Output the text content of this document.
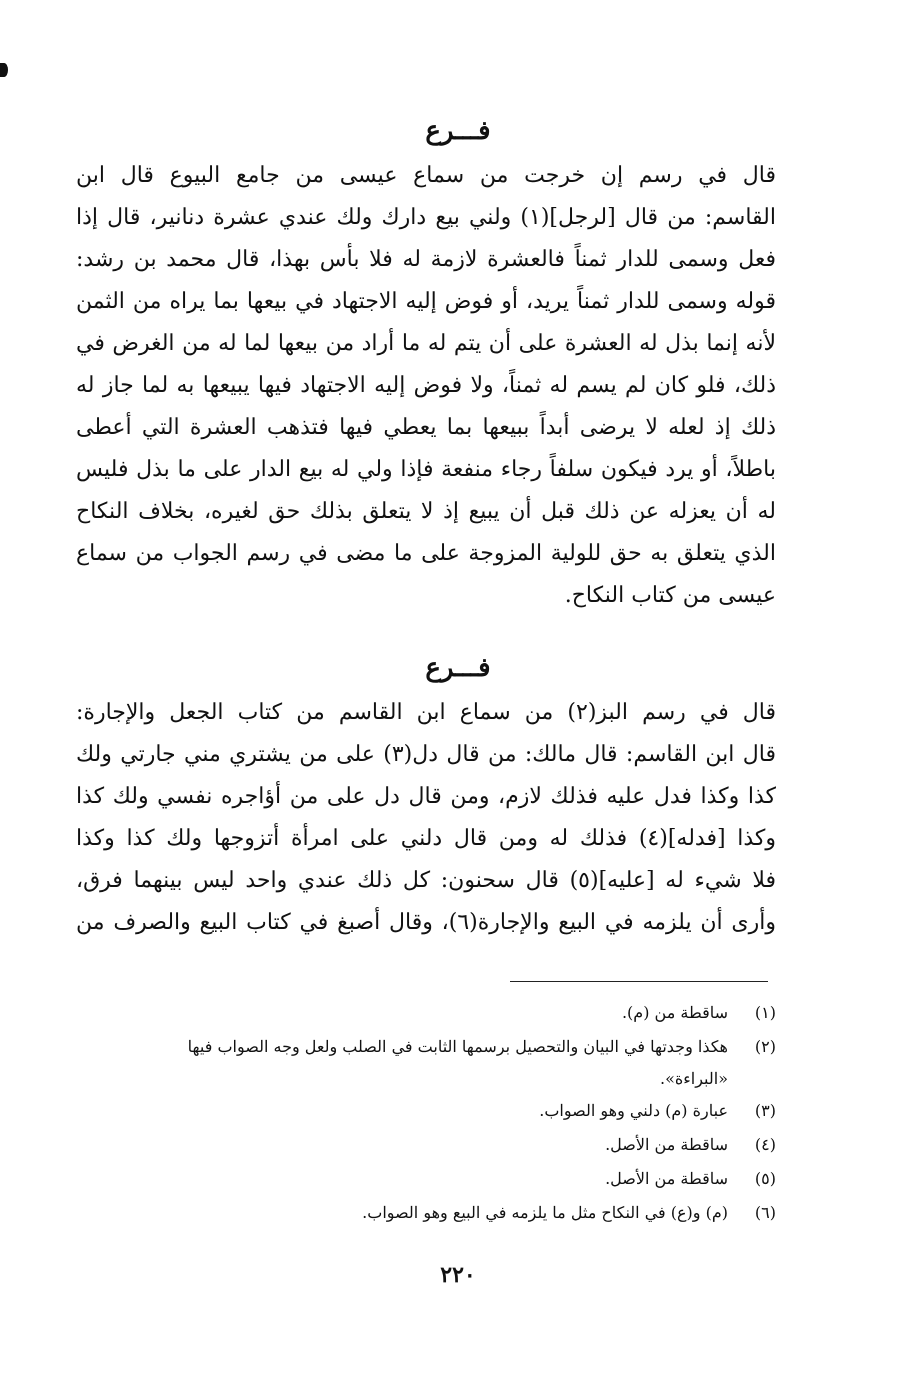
فـــرع
قال في رسم إن خرجت من سماع عيسى من جامع البيوع قال ابن
القاسم: من قال [لرجل](١) ولني بيع دارك ولك عندي عشرة دنانير، قال إذا
فعل وسمى للدار ثمناً فالعشرة لازمة له فلا بأس بهذا، قال محمد بن رشد:
قوله وسمى للدار ثمناً يريد، أو فوض إليه الاجتهاد في بيعها بما يراه من الثمن
لأنه إنما بذل له العشرة على أن يتم له ما أراد من بيعها لما له من الغرض في
ذلك، فلو كان لم يسم له ثمناً، ولا فوض إليه الاجتهاد فيها يبيعها به لما جاز له
ذلك إذ لعله لا يرضى أبداً ببيعها بما يعطي فيها فتذهب العشرة التي أعطى
باطلاً، أو يرد فيكون سلفاً رجاء منفعة فإذا ولي له بيع الدار على ما بذل فليس
له أن يعزله عن ذلك قبل أن يبيع إذ لا يتعلق بذلك حق لغيره، بخلاف النكاح
الذي يتعلق به حق للولية المزوجة على ما مضى في رسم الجواب من سماع
عيسى من كتاب النكاح.
فـــرع
قال في رسم البز(٢) من سماع ابن القاسم من كتاب الجعل والإجارة:
قال ابن القاسم: قال مالك: من قال دل(٣) على من يشتري مني جارتي ولك
كذا وكذا فدل عليه فذلك لازم، ومن قال دل على من أؤاجره نفسي ولك كذا
وكذا [فدله](٤) فذلك له ومن قال دلني على امرأة أتزوجها ولك كذا وكذا
فلا شيء له [عليه](٥) قال سحنون: كل ذلك عندي واحد ليس بينهما فرق،
وأرى أن يلزمه في البيع والإجارة(٦)، وقال أصبغ في كتاب البيع والصرف من
(١)
ساقطة من (م).
(٢)
هكذا وجدتها في البيان والتحصيل برسمها الثابت في الصلب ولعل وجه الصواب فيها
«البراءة».
(٣)
عبارة (م) دلني وهو الصواب.
(٤)
ساقطة من الأصل.
(٥)
ساقطة من الأصل.
(٦)
(م) و(ع) في النكاح مثل ما يلزمه في البيع وهو الصواب.
٢٢٠
